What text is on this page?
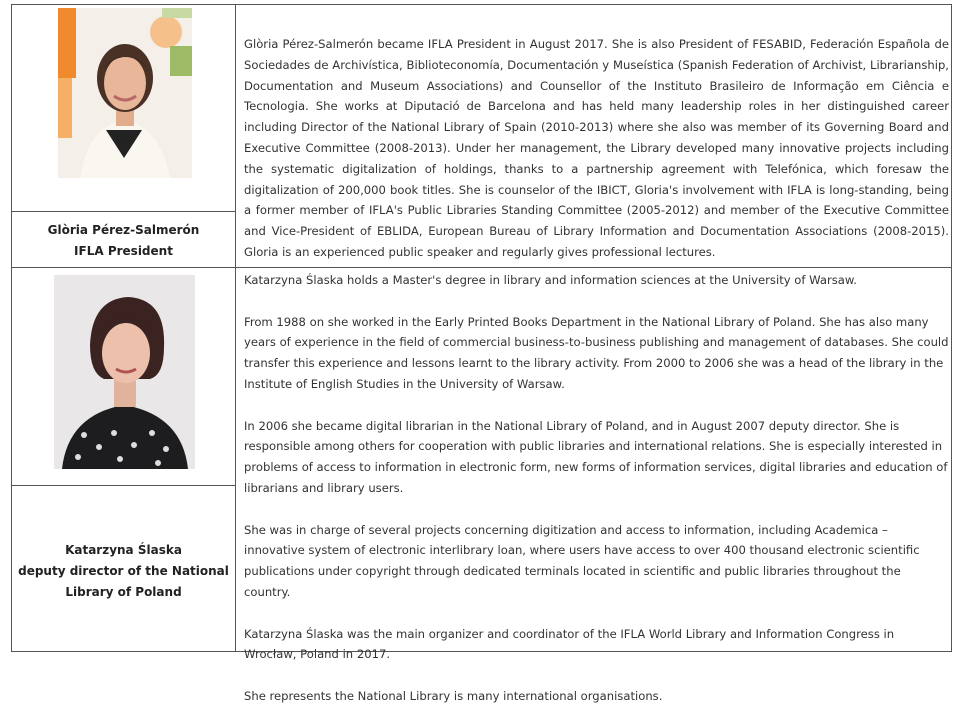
Glòria Pérez-Salmerón
IFLA President

Glòria Pérez-Salmerón became IFLA President in August 2017. She is also President of FESABID, Federación Española de Sociedades de Archivística, Biblioteconomía, Documentación y Museística (Spanish Federation of Archivist, Librarianship, Documentation and Museum Associations) and Counsellor of the Instituto Brasileiro de Informação em Ciência e Tecnologia. She works at Diputació de Barcelona and has held many leadership roles in her distinguished career including Director of the National Library of Spain (2010-2013) where she also was member of its Governing Board and Executive Committee (2008-2013). Under her management, the Library developed many innovative projects including the systematic digitalization of holdings, thanks to a partnership agreement with Telefónica, which foresaw the digitalization of 200,000 book titles. She is counselor of the IBICT, Gloria's involvement with IFLA is long-standing, being a former member of IFLA's Public Libraries Standing Committee (2005-2012) and member of the Executive Committee and Vice-President of EBLIDA, European Bureau of Library Information and Documentation Associations (2008-2015). Gloria is an experienced public speaker and regularly gives professional lectures.

Katarzyna Ślaska
deputy director of the National
Library of Poland

Katarzyna Ślaska holds a Master's degree in library and information sciences at the University of Warsaw.

From 1988 on she worked in the Early Printed Books Department in the National Library of Poland. She has also many years of experience in the field of commercial business-to-business publishing and management of databases. She could transfer this experience and lessons learnt to the library activity. From 2000 to 2006 she was a head of the library in the Institute of English Studies in the University of Warsaw.

In 2006 she became digital librarian in the National Library of Poland, and in August 2007 deputy director. She is responsible among others for cooperation with public libraries and international relations. She is especially interested in problems of access to information in electronic form, new forms of information services, digital libraries and education of librarians and library users.

She was in charge of several projects concerning digitization and access to information, including Academica – innovative system of electronic interlibrary loan, where users have access to over 400 thousand electronic scientific publications under copyright through dedicated terminals located in scientific and public libraries throughout the country.

Katarzyna Ślaska was the main organizer and coordinator of the IFLA World Library and Information Congress in Wrocław, Poland in 2017.

She represents the National Library is many international organisations.
